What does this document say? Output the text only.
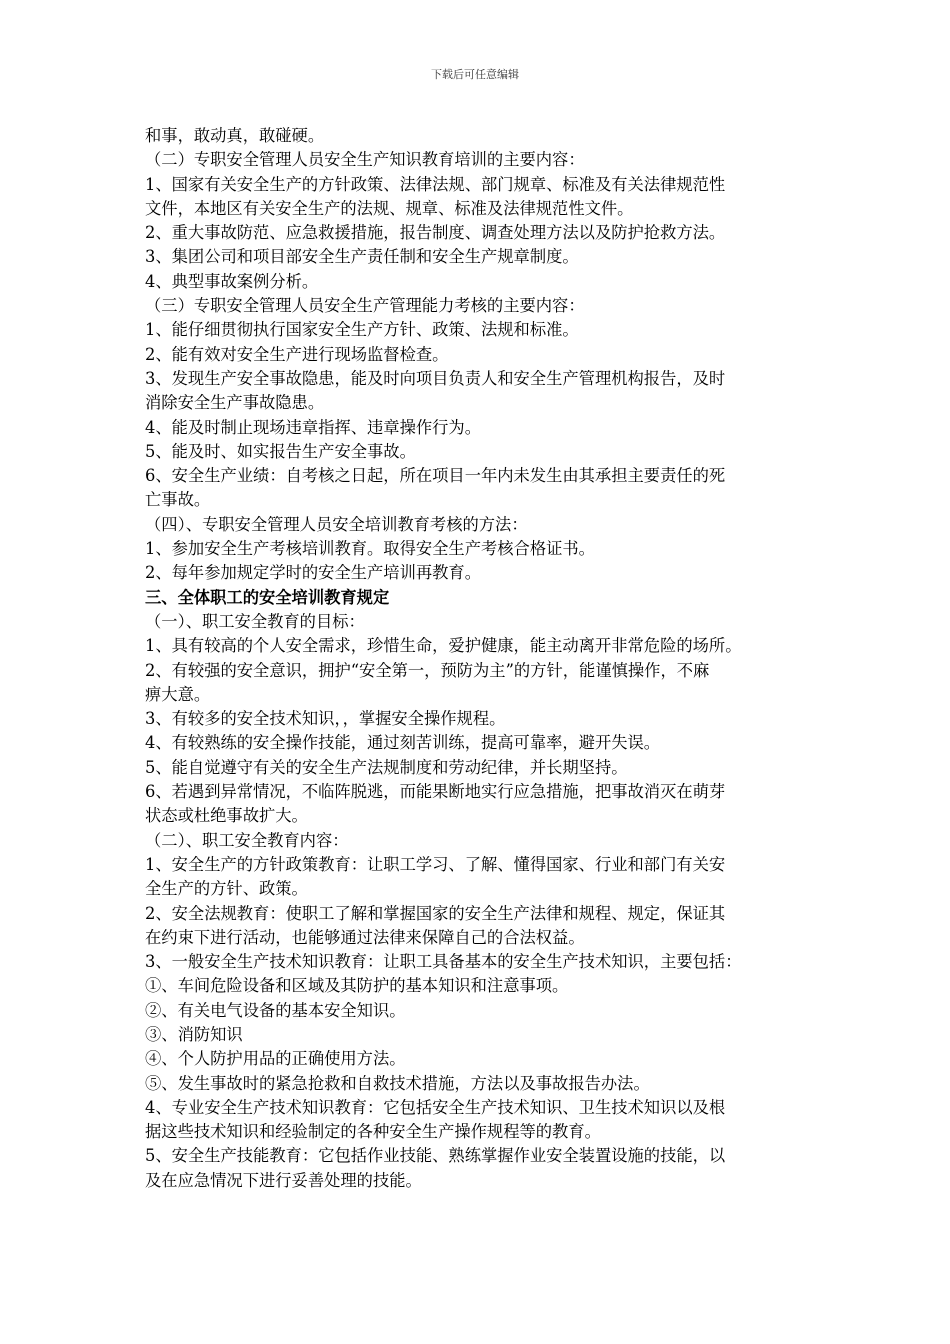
下载后可任意编辑
和事，敢动真，敢碰硬。
（二）专职安全管理人员安全生产知识教育培训的主要内容：
1、国家有关安全生产的方针政策、法律法规、部门规章、标准及有关法律规范性
文件，本地区有关安全生产的法规、规章、标准及法律规范性文件。
2、重大事故防范、应急救援措施，报告制度、调查处理方法以及防护抢救方法。
3、集团公司和项目部安全生产责任制和安全生产规章制度。
4、典型事故案例分析。
（三）专职安全管理人员安全生产管理能力考核的主要内容：
1、能仔细贯彻执行国家安全生产方针、政策、法规和标准。
2、能有效对安全生产进行现场监督检查。
3、发现生产安全事故隐患，能及时向项目负责人和安全生产管理机构报告，及时
消除安全生产事故隐患。
4、能及时制止现场违章指挥、违章操作行为。
5、能及时、如实报告生产安全事故。
6、安全生产业绩：自考核之日起，所在项目一年内未发生由其承担主要责任的死
亡事故。
（四）、专职安全管理人员安全培训教育考核的方法：
1、参加安全生产考核培训教育。取得安全生产考核合格证书。
2、每年参加规定学时的安全生产培训再教育。
三、全体职工的安全培训教育规定
（一）、职工安全教育的目标：
1、具有较高的个人安全需求，珍惜生命，爱护健康，能主动离开非常危险的场所。
2、有较强的安全意识，拥护“安全第一，预防为主”的方针，能谨慎操作，不麻
痹大意。
3、有较多的安全技术知识，，掌握安全操作规程。
4、有较熟练的安全操作技能，通过刻苦训练，提高可靠率，避开失误。
5、能自觉遵守有关的安全生产法规制度和劳动纪律，并长期坚持。
6、若遇到异常情况，不临阵脱逃，而能果断地实行应急措施，把事故消灭在萌芽
状态或杜绝事故扩大。
（二）、职工安全教育内容：
1、安全生产的方针政策教育：让职工学习、了解、懂得国家、行业和部门有关安
全生产的方针、政策。
2、安全法规教育：使职工了解和掌握国家的安全生产法律和规程、规定，保证其
在约束下进行活动，也能够通过法律来保障自己的合法权益。
3、一般安全生产技术知识教育：让职工具备基本的安全生产技术知识，主要包括：
①、车间危险设备和区域及其防护的基本知识和注意事项。
②、有关电气设备的基本安全知识。
③、消防知识
④、个人防护用品的正确使用方法。
⑤、发生事故时的紧急抢救和自救技术措施，方法以及事故报告办法。
4、专业安全生产技术知识教育：它包括安全生产技术知识、卫生技术知识以及根
据这些技术知识和经验制定的各种安全生产操作规程等的教育。
5、安全生产技能教育：它包括作业技能、熟练掌握作业安全装置设施的技能，以
及在应急情况下进行妥善处理的技能。
